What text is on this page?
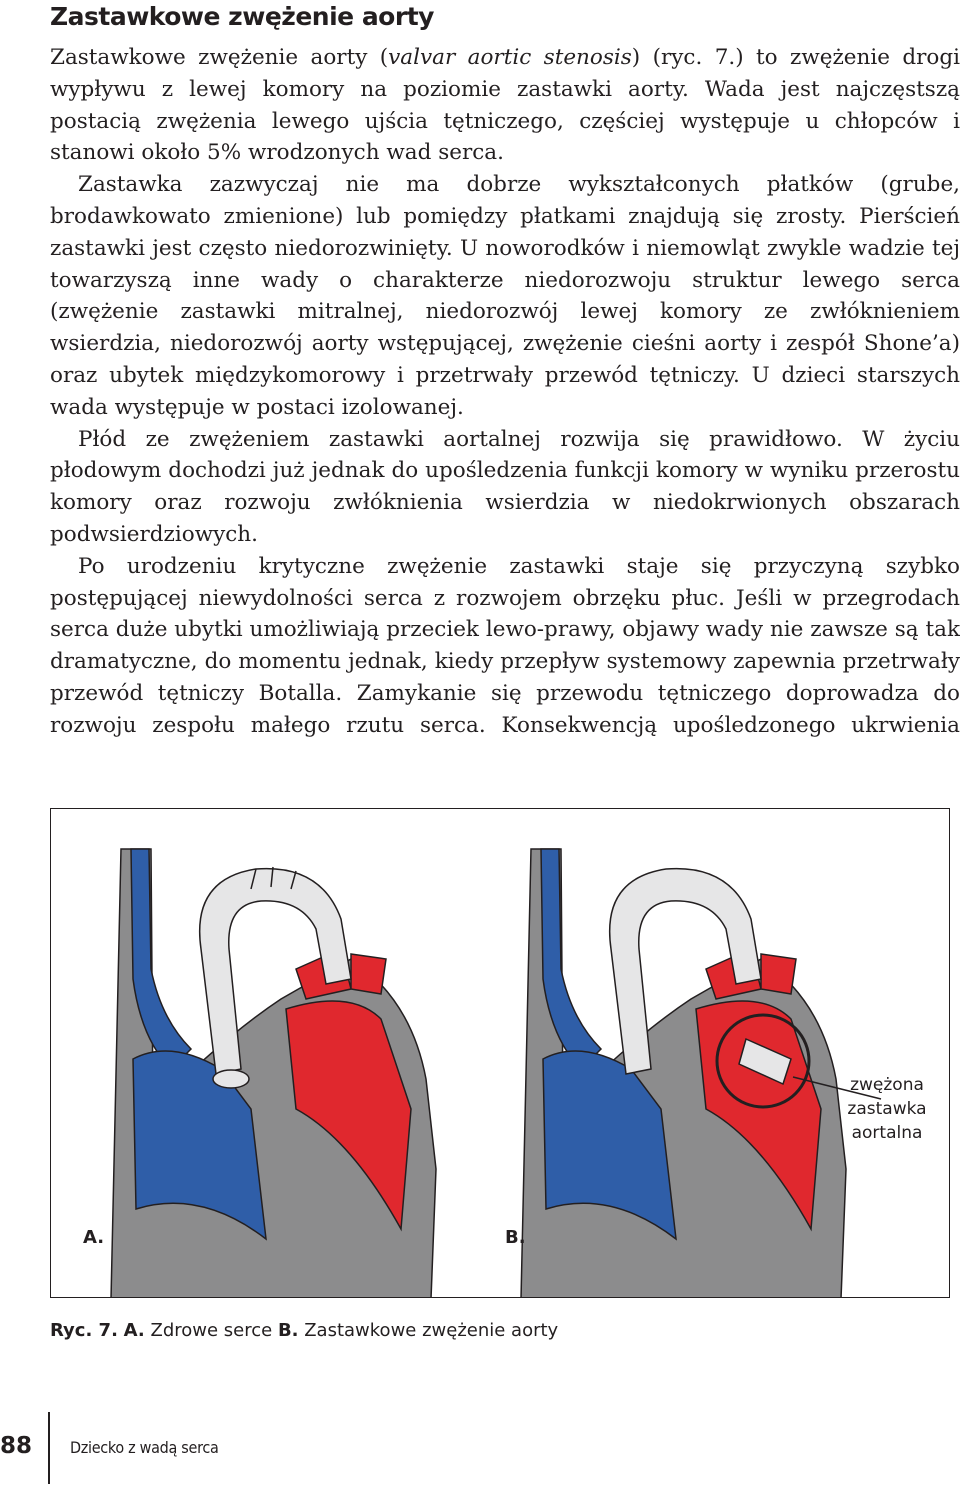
Zastawkowe zwężenie aorty

Zastawkowe zwężenie aorty (valvar aortic stenosis) (ryc. 7.) to zwężenie drogi wypływu z lewej komory na poziomie zastawki aorty. Wada jest najczęstszą postacią zwężenia lewego ujścia tętniczego, częściej występuje u chłopców i stanowi około 5% wrodzonych wad serca.

Zastawka zazwyczaj nie ma dobrze wykształconych płatków (grube, brodawkowato zmienione) lub pomiędzy płatkami znajdują się zrosty. Pierścień zastawki jest często niedorozwinięty. U noworodków i niemowląt zwykle wadzie tej towarzyszą inne wady o charakterze niedorozwoju struktur lewego serca (zwężenie zastawki mitralnej, niedorozwój lewej komory ze zwłóknieniem wsierdzia, niedorozwój aorty wstępującej, zwężenie cieśni aorty i zespół Shone’a) oraz ubytek międzykomorowy i przetrwały przewód tętniczy. U dzieci starszych wada występuje w postaci izolowanej.

Płód ze zwężeniem zastawki aortalnej rozwija się prawidłowo. W życiu płodowym dochodzi już jednak do upośledzenia funkcji komory w wyniku przerostu komory oraz rozwoju zwłóknienia wsierdzia w niedokrwionych obszarach podwsierdziowych.

Po urodzeniu krytyczne zwężenie zastawki staje się przyczyną szybko postępującej niewydolności serca z rozwojem obrzęku płuc. Jeśli w przegrodach serca duże ubytki umożliwiają przeciek lewo-prawy, objawy wady nie zawsze są tak dramatyczne, do momentu jednak, kiedy przepływ systemowy zapewnia przetrwały przewód tętniczy Botalla. Zamykanie się przewodu tętniczego doprowadza do rozwoju zespołu małego rzutu serca. Konsekwencją upośledzonego ukrwienia

A.	B.
zwężona
zastawka
aortalna

Ryc. 7. A. Zdrowe serce B. Zastawkowe zwężenie aorty

88 Dziecko z wadą serca
